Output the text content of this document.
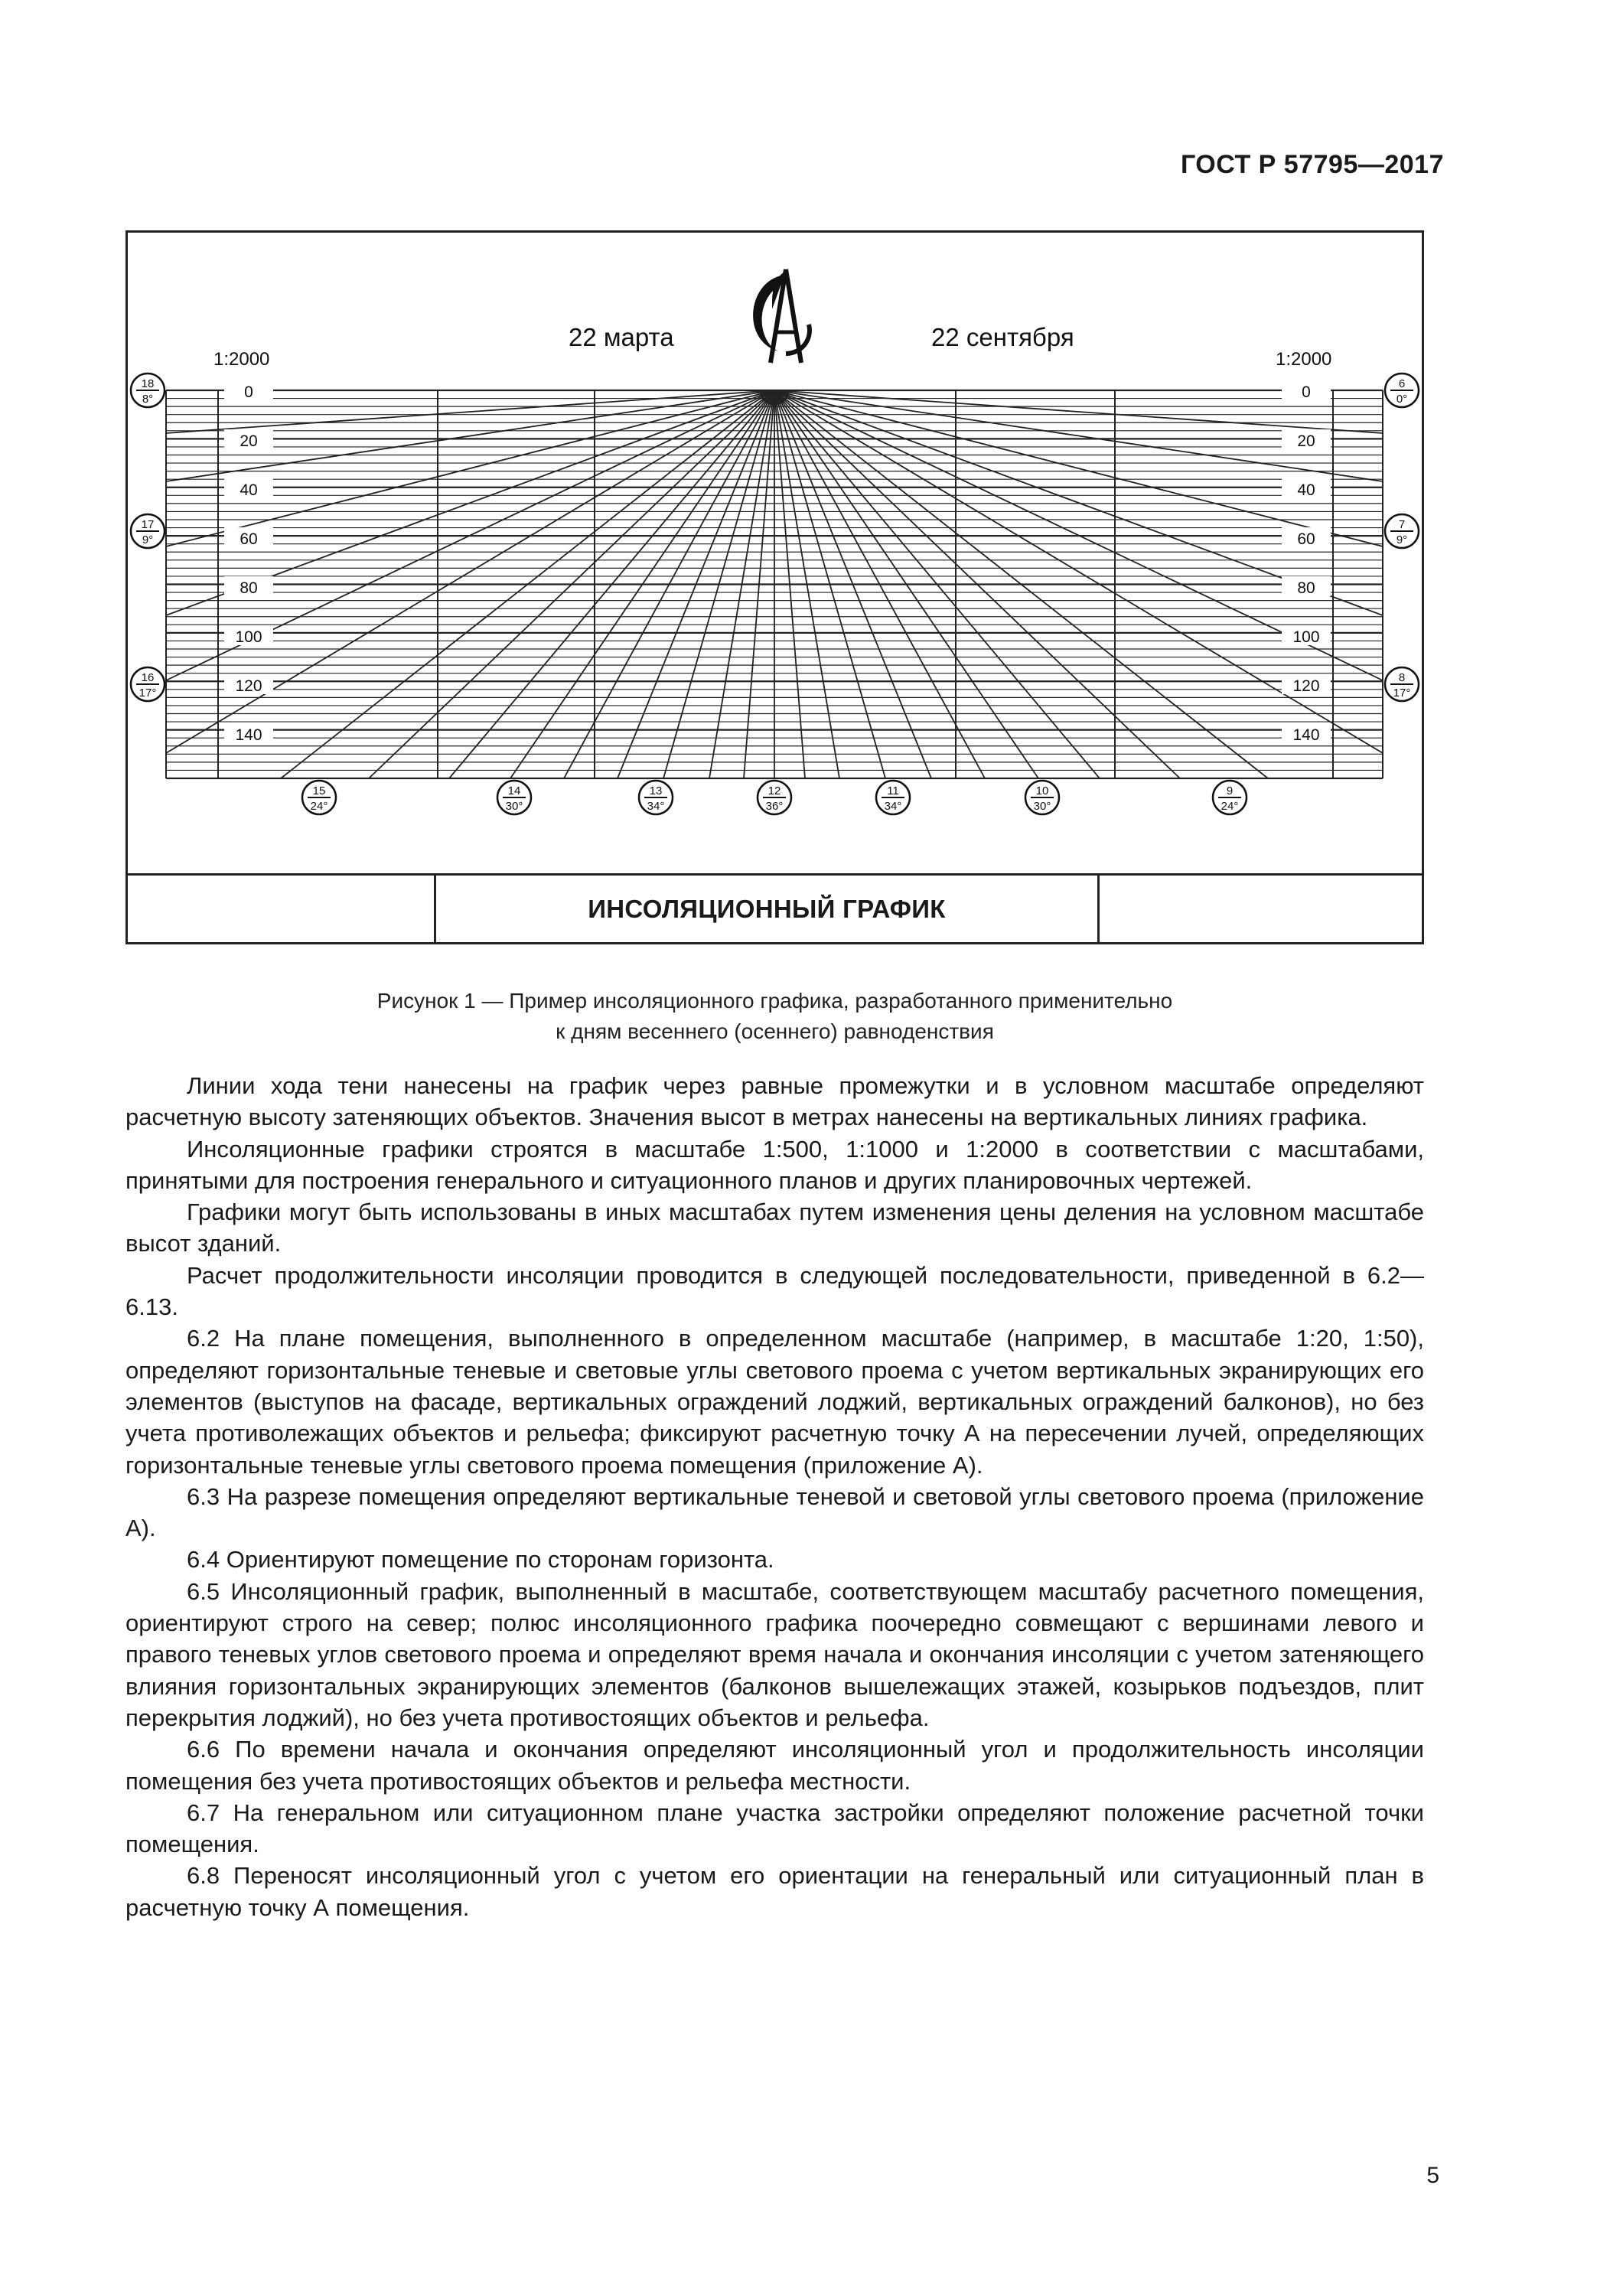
ГОСТ Р 57795—2017
22 марта	22 сентября
1:2000	1:2000
0
20
40
60
80
100
120
140
0
20
40
60
80
100
120
140
18
8°
17
9°
16
17°
6
0°
7
9°
8
17°
15
24°
14
30°
13
34°
12
36°
11
34°
10
30°
9
24°
ИНСОЛЯЦИОННЫЙ ГРАФИК
Рисунок 1 — Пример инсоляционного графика, разработанного применительно
к дням весеннего (осеннего) равноденствия

Линии хода тени нанесены на график через равные промежутки и в условном масштабе определяют расчетную высоту затеняющих объектов. Значения высот в метрах нанесены на вертикальных линиях графика.

Инсоляционные графики строятся в масштабе 1:500, 1:1000 и 1:2000 в соответствии с масштабами, принятыми для построения генерального и ситуационного планов и других планировочных чертежей.

Графики могут быть использованы в иных масштабах путем изменения цены деления на условном масштабе высот зданий.

Расчет продолжительности инсоляции проводится в следующей последовательности, приведенной в 6.2—6.13.

6.2 На плане помещения, выполненного в определенном масштабе (например, в масштабе 1:20, 1:50), определяют горизонтальные теневые и световые углы светового проема с учетом вертикальных экранирующих его элементов (выступов на фасаде, вертикальных ограждений лоджий, вертикальных ограждений балконов), но без учета противолежащих объектов и рельефа; фиксируют расчетную точку А на пересечении лучей, определяющих горизонтальные теневые углы светового проема помещения (приложение А).

6.3 На разрезе помещения определяют вертикальные теневой и световой углы светового проема (приложение А).

6.4 Ориентируют помещение по сторонам горизонта.

6.5 Инсоляционный график, выполненный в масштабе, соответствующем масштабу расчетного помещения, ориентируют строго на север; полюс инсоляционного графика поочередно совмещают с вершинами левого и правого теневых углов светового проема и определяют время начала и окончания инсоляции с учетом затеняющего влияния горизонтальных экранирующих элементов (балконов вышележащих этажей, козырьков подъездов, плит перекрытия лоджий), но без учета противостоящих объектов и рельефа.

6.6 По времени начала и окончания определяют инсоляционный угол и продолжительность инсоляции помещения без учета противостоящих объектов и рельефа местности.

6.7 На генеральном или ситуационном плане участка застройки определяют положение расчетной точки помещения.

6.8 Переносят инсоляционный угол с учетом его ориентации на генеральный или ситуационный план в расчетную точку А помещения.

5
